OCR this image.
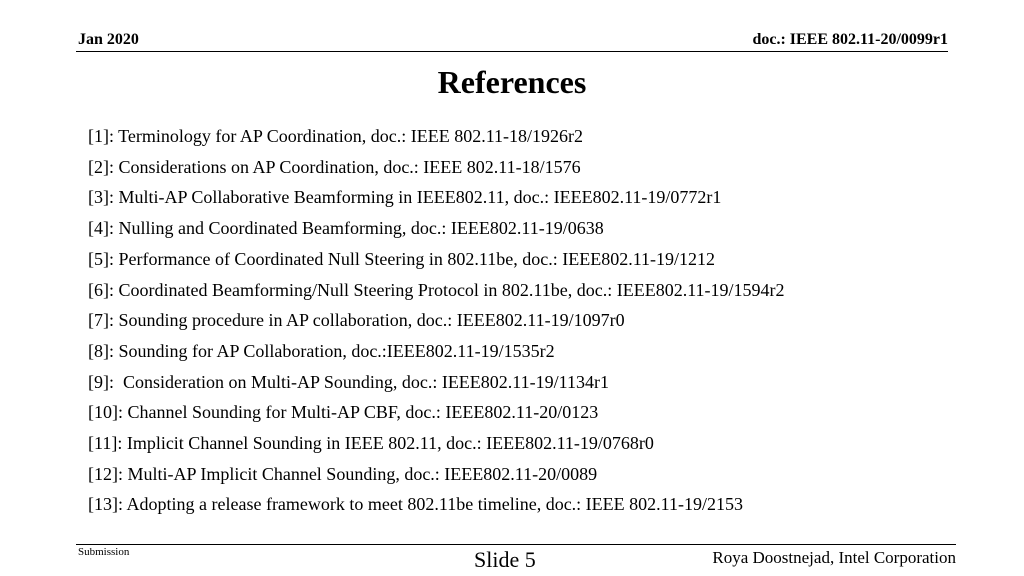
Jan 2020	doc.: IEEE 802.11-20/0099r1
References
[1]: Terminology for AP Coordination, doc.: IEEE 802.11-18/1926r2
[2]: Considerations on AP Coordination, doc.: IEEE 802.11-18/1576
[3]: Multi-AP Collaborative Beamforming in IEEE802.11, doc.: IEEE802.11-19/0772r1
[4]: Nulling and Coordinated Beamforming, doc.: IEEE802.11-19/0638
[5]: Performance of Coordinated Null Steering in 802.11be, doc.: IEEE802.11-19/1212
[6]: Coordinated Beamforming/Null Steering Protocol in 802.11be, doc.: IEEE802.11-19/1594r2
[7]: Sounding procedure in AP collaboration, doc.: IEEE802.11-19/1097r0
[8]: Sounding for AP Collaboration, doc.:IEEE802.11-19/1535r2
[9]:  Consideration on Multi-AP Sounding, doc.: IEEE802.11-19/1134r1
[10]: Channel Sounding for Multi-AP CBF, doc.: IEEE802.11-20/0123
[11]: Implicit Channel Sounding in IEEE 802.11, doc.: IEEE802.11-19/0768r0
[12]: Multi-AP Implicit Channel Sounding, doc.: IEEE802.11-20/0089
[13]: Adopting a release framework to meet 802.11be timeline, doc.: IEEE 802.11-19/2153
Submission	Slide 5	Roya Doostnejad, Intel Corporation
